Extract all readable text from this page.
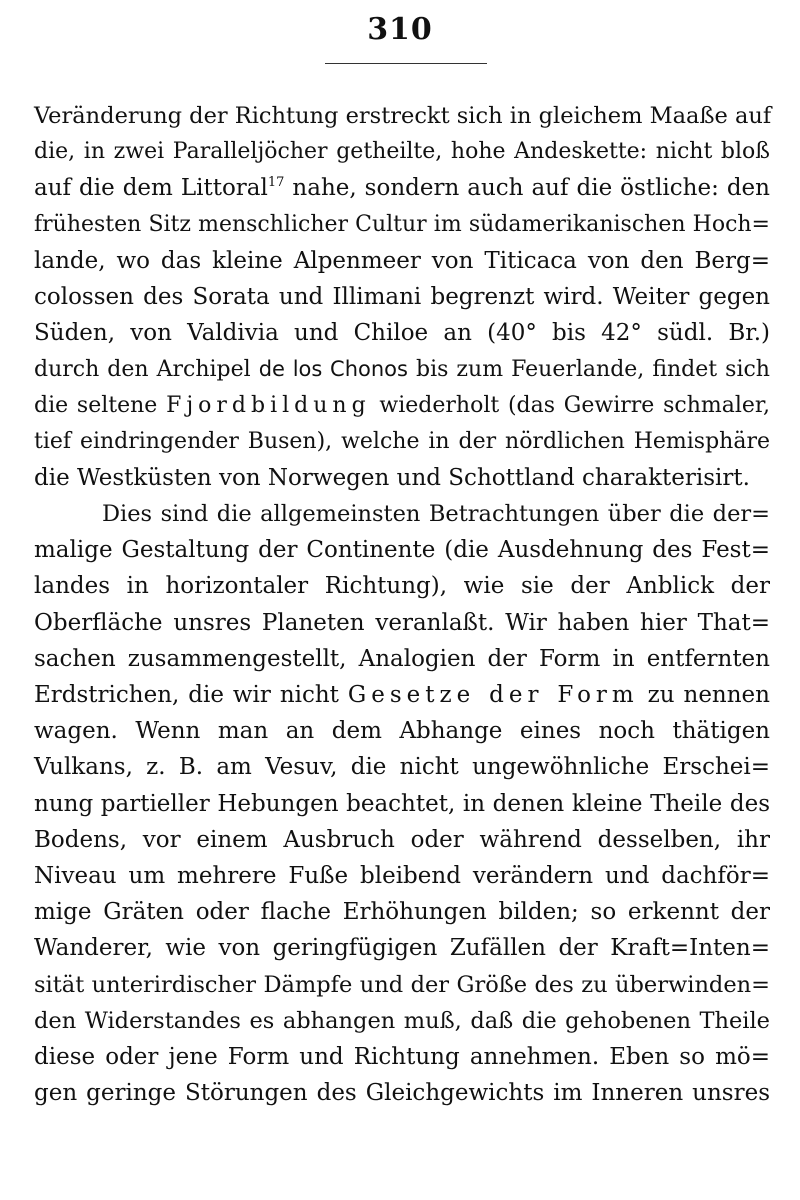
310
Veränderung der Richtung erstreckt sich in gleichem Maaße auf
die, in zwei Paralleljöcher getheilte, hohe Andeskette: nicht bloß
auf die dem Littoral$^{17}$ nahe, sondern auch auf die östliche: den
frühesten Sitz menschlicher Cultur im südamerikanischen Hoch=
lande, wo das kleine Alpenmeer von Titicaca von den Berg=
colossen des Sorata und Illimani begrenzt wird. Weiter gegen
Süden, von Valdivia und Chiloe an (40° bis 42° südl. Br.)
durch den Archipel de los Chonos bis zum Feuerlande, findet sich
die seltene Fjordbildung wiederholt (das Gewirre schmaler,
tief eindringender Busen), welche in der nördlichen Hemisphäre
die Westküsten von Norwegen und Schottland charakterisirt.
Dies sind die allgemeinsten Betrachtungen über die der=
malige Gestaltung der Continente (die Ausdehnung des Fest=
landes in horizontaler Richtung), wie sie der Anblick der
Oberfläche unsres Planeten veranlaßt. Wir haben hier That=
sachen zusammengestellt, Analogien der Form in entfernten
Erdstrichen, die wir nicht Gesetze der Form zu nennen
wagen. Wenn man an dem Abhange eines noch thätigen
Vulkans, z. B. am Vesuv, die nicht ungewöhnliche Erschei=
nung partieller Hebungen beachtet, in denen kleine Theile des
Bodens, vor einem Ausbruch oder während desselben, ihr
Niveau um mehrere Fuße bleibend verändern und dachför=
mige Gräten oder flache Erhöhungen bilden; so erkennt der
Wanderer, wie von geringfügigen Zufällen der Kraft=Inten=
sität unterirdischer Dämpfe und der Größe des zu überwinden=
den Widerstandes es abhangen muß, daß die gehobenen Theile
diese oder jene Form und Richtung annehmen. Eben so mö=
gen geringe Störungen des Gleichgewichts im Inneren unsres
